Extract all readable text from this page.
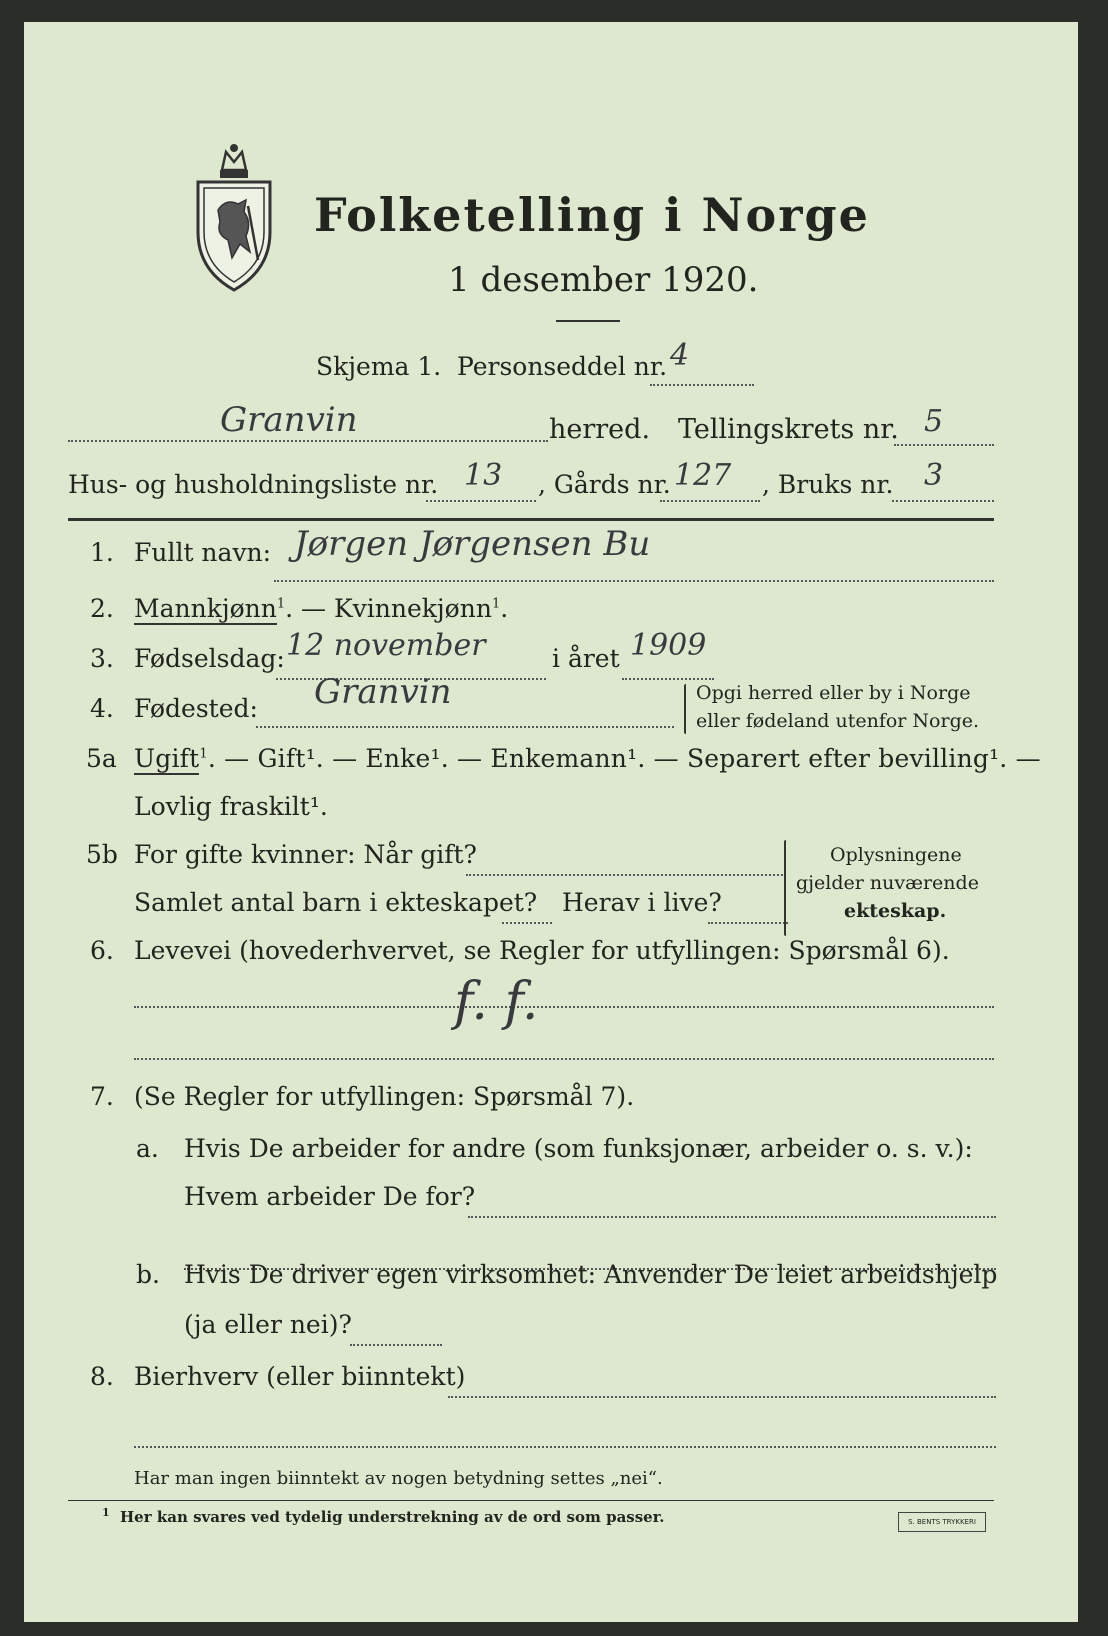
Folketelling i Norge
1 desember 1920.
Skjema 1. Personseddel nr. 4
Granvin	herred. Tellingskrets nr. 5
Hus- og husholdningsliste nr. 13 , Gårds nr. 127 , Bruks nr. 3
1. Fullt navn: Jørgen Jørgensen Bu
2. Mannkjønn$^1$. — Kvinnekjønn$^1$.
3. Fødselsdag: 12 november	i året 1909
4. Fødested: Granvin	Opgi herred eller by i Norge
eller fødeland utenfor Norge.
5a Ugift$^1$. — Gift¹. — Enke¹. — Enkemann¹. — Separert efter bevilling¹. —
Lovlig fraskilt¹.
5b For gifte kvinner: Når gift?
Samlet antal barn i ekteskapet? Herav i live?
Oplysningene
gjelder nuværende
ekteskap.
6. Levevei (hovederhvervet, se Regler for utfyllingen: Spørsmål 6).
f. f.
7. (Se Regler for utfyllingen: Spørsmål 7).
a. Hvis De arbeider for andre (som funksjonær, arbeider o. s. v.):
Hvem arbeider De for?
b. Hvis De driver egen virksomhet: Anvender De leiet arbeidshjelp
(ja eller nei)?
8. Bierhverv (eller biinntekt)
Har man ingen biinntekt av nogen betydning settes „nei“.
1 Her kan svares ved tydelig understrekning av de ord som passer.	S. BENTS TRYKKERI
